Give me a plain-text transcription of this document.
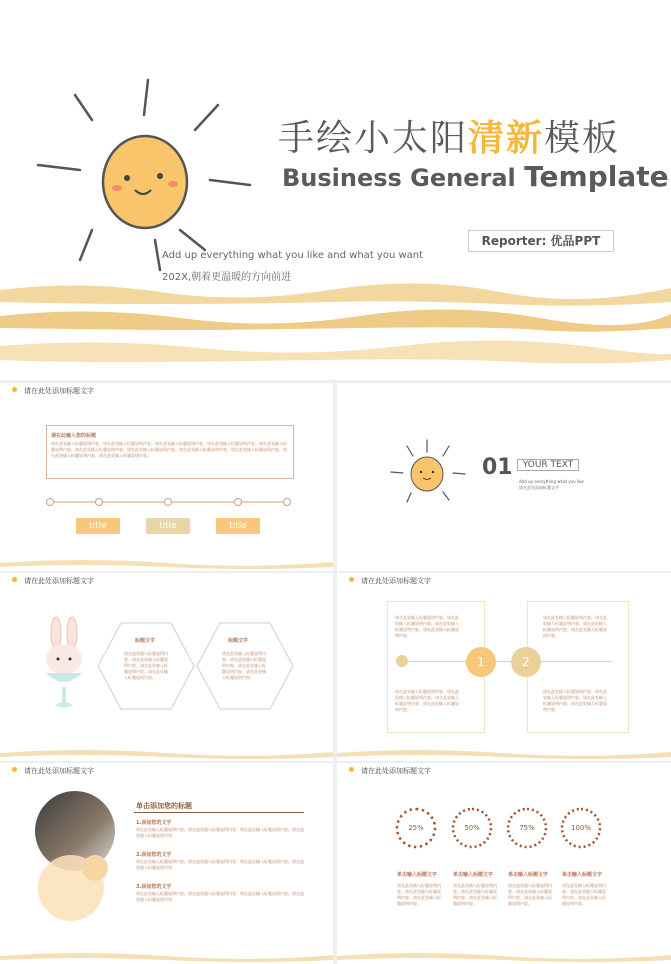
手绘小太阳清新模板
Business General Template
Reporter: 优品PPT
Add up everything what you like and what you want
202X,朝着更温暖的方向前进
请在此处添加标题文字
请在此输入您的标题
请在此处输入标题说明内容。请在此处输入标题说明内容。请在此处输入标题说明内容。请在此处输入标题说明内容。请在此处输入标题说明内容。请在此处输入标题说明内容。请在此处输入标题说明内容。请在此处输入标题说明内容。请在此处输入标题说明内容。请在此处输入标题说明内容。请在此处输入标题说明内容。
title	title	title
01	YOUR TEXT
Add up everything what you like
请在此处添加标题文字
请在此处添加标题文字
标题文字	标题文字
请在此处输入标题说明内容。请在此处输入标题说明内容。请在此处输入标题说明内容。请在此处输入标题说明内容。
请在此处输入标题说明内容。请在此处输入标题说明内容。请在此处输入标题说明内容。请在此处输入标题说明内容。
请在此处添加标题文字
请在此处输入标题说明内容。请在此处输入标题说明内容。请在此处输入标题说明内容。请在此处输入标题说明内容。
请在此处输入标题说明内容。请在此处输入标题说明内容。请在此处输入标题说明内容。请在此处输入标题说明内容。
请在此处输入标题说明内容。请在此处输入标题说明内容。请在此处输入标题说明内容。请在此处输入标题说明内容。
请在此处输入标题说明内容。请在此处输入标题说明内容。请在此处输入标题说明内容。请在此处输入标题说明内容。
1	2
请在此处添加标题文字
单击添加您的标题
1.添加您的文字
请在此处输入标题说明内容。请在此处输入标题说明内容。请在此处输入标题说明内容。请在此处输入标题说明内容。
2.添加您的文字
请在此处输入标题说明内容。请在此处输入标题说明内容。请在此处输入标题说明内容。请在此处输入标题说明内容。
3.添加您的文字
请在此处输入标题说明内容。请在此处输入标题说明内容。请在此处输入标题说明内容。请在此处输入标题说明内容。
请在此处添加标题文字
25%	50%	75%	100%
单击输入标题文字	单击输入标题文字	单击输入标题文字	单击输入标题文字
请在此处输入标题说明内容。请在此处输入标题说明内容。请在此处输入标题说明内容。
请在此处输入标题说明内容。请在此处输入标题说明内容。请在此处输入标题说明内容。
请在此处输入标题说明内容。请在此处输入标题说明内容。请在此处输入标题说明内容。
请在此处输入标题说明内容。请在此处输入标题说明内容。请在此处输入标题说明内容。
